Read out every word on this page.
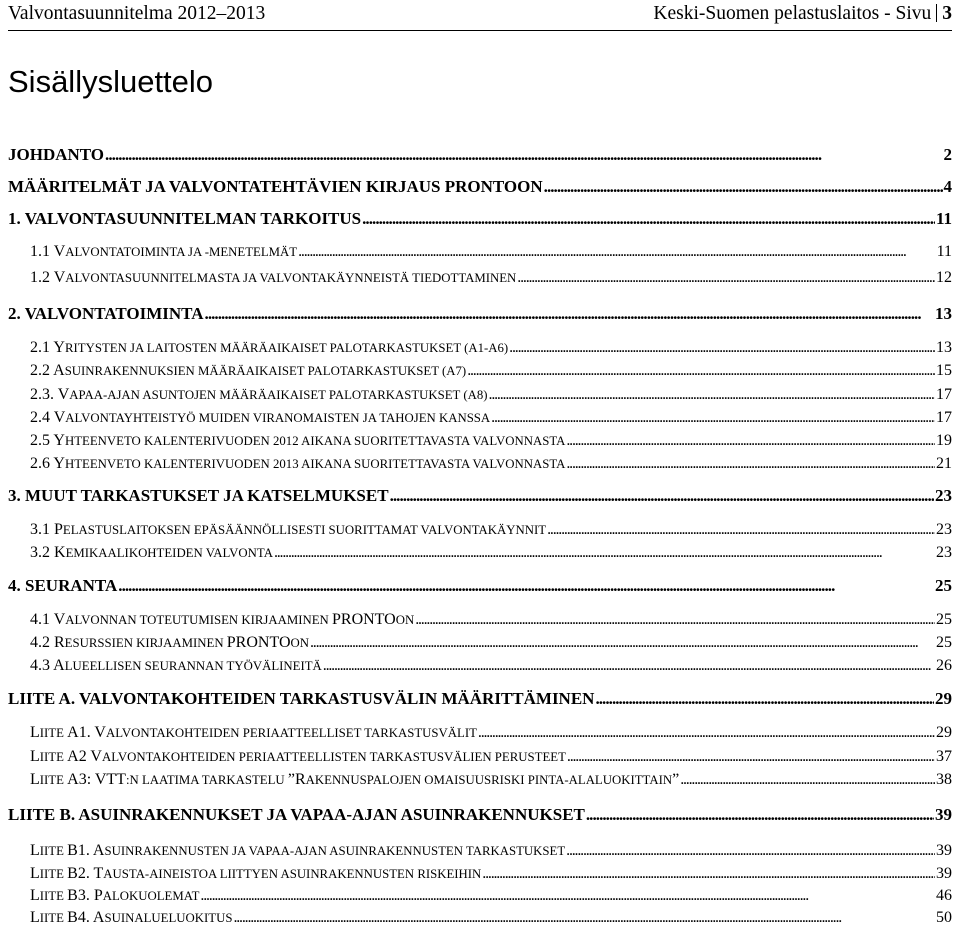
Valvontasuunnitelma 2012–2013	Keski-Suomen pelastuslaitos - Sivu 3
Sisällysluettelo
JOHDANTO . . .	2
MÄÄRITELMÄT JA VALVONTATEHTÄVIEN KIRJAUS PRONTOON . . .	4
1. VALVONTASUUNNITELMAN TARKOITUS . . .	11
1.1 VALVONTATOIMINTA JA -MENETELMÄT . . .	11
1.2 VALVONTASUUNNITELMASTA JA VALVONTAKÄYNNEISTÄ TIEDOTTAMINEN . . .	12
2. VALVONTATOIMINTA . . .	13
2.1 YRITYSTEN JA LAITOSTEN MÄÄRÄAIKAISET PALOTARKASTUKSET (A1-A6) . . .	13
2.2 ASUINRAKENNUKSIEN MÄÄRÄAIKAISET PALOTARKASTUKSET (A7) . . .	15
2.3. VAPAA-AJAN ASUNTOJEN MÄÄRÄAIKAISET PALOTARKASTUKSET (A8) . . .	17
2.4 VALVONTAYHTEISTYÖ MUIDEN VIRANOMAISTEN JA TAHOJEN KANSSA . . .	17
2.5 YHTEENVETO KALENTERIVUODEN 2012 AIKANA SUORITETTAVASTA VALVONNASTA . . .	19
2.6 YHTEENVETO KALENTERIVUODEN 2013 AIKANA SUORITETTAVASTA VALVONNASTA . . .	21
3. MUUT TARKASTUKSET JA KATSELMUKSET . . .	23
3.1 PELASTUSLAITOKSEN EPÄSÄÄNNÖLLISESTI SUORITTAMAT VALVONTAKÄYNNIT . . .	23
3.2 KEMIKAALIKOHTEIDEN VALVONTA . . .	23
4. SEURANTA . . .	25
4.1 VALVONNAN TOTEUTUMISEN KIRJAAMINEN PRONTOON . . .	25
4.2 RESURSSIEN KIRJAAMINEN PRONTOON . . .	25
4.3 ALUEELLISEN SEURANNAN TYÖVÄLINEITÄ . . .	26
LIITE A. VALVONTAKOHTEIDEN TARKASTUSVÄLIN MÄÄRITTÄMINEN . . .	29
LIITE A1. VALVONTAKOHTEIDEN PERIAATTEELLISET TARKASTUSVÄLIT . . .	29
LIITE A2 VALVONTAKOHTEIDEN PERIAATTEELLISTEN TARKASTUSVÄLIEN PERUSTEET . . .	37
LIITE A3: VTT:N LAATIMA TARKASTELU ”RAKENNUSPALOJEN OMAISUUSRISKI PINTA-ALALUOKITTAIN” . . .	38
LIITE B. ASUINRAKENNUKSET JA VAPAA-AJAN ASUINRAKENNUKSET . . .	39
LIITE B1. ASUINRAKENNUSTEN JA VAPAA-AJAN ASUINRAKENNUSTEN TARKASTUKSET . . .	39
LIITE B2. TAUSTA-AINEISTOA LIITTYEN ASUINRAKENNUSTEN RISKEIHIN . . .	39
LIITE B3. PALOKUOLEMAT . . .	46
LIITE B4. ASUINALUELUOKITUS . . .	50
